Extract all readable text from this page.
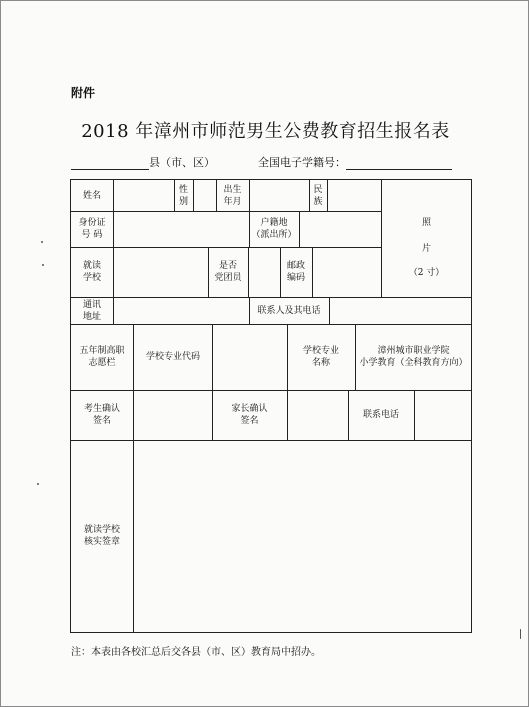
附件
2018 年漳州市师范男生公费教育招生报名表
县（市、区）	全国电子学籍号：
姓名
性
别
出生
年月
民
族
照
片
（2 寸）
身份证
号 码
户籍地
（派出所）
就读
学校
是否
党团员
邮政
编码
通讯
地址
联系人及其电话
五年制高职
志愿栏
学校专业代码
学校专业
名称
漳州城市职业学院
小学教育（全科教育方向）
考生确认
签名
家长确认
签名
联系电话
就读学校
核实签章
注：本表由各校汇总后交各县（市、区）教育局中招办。
